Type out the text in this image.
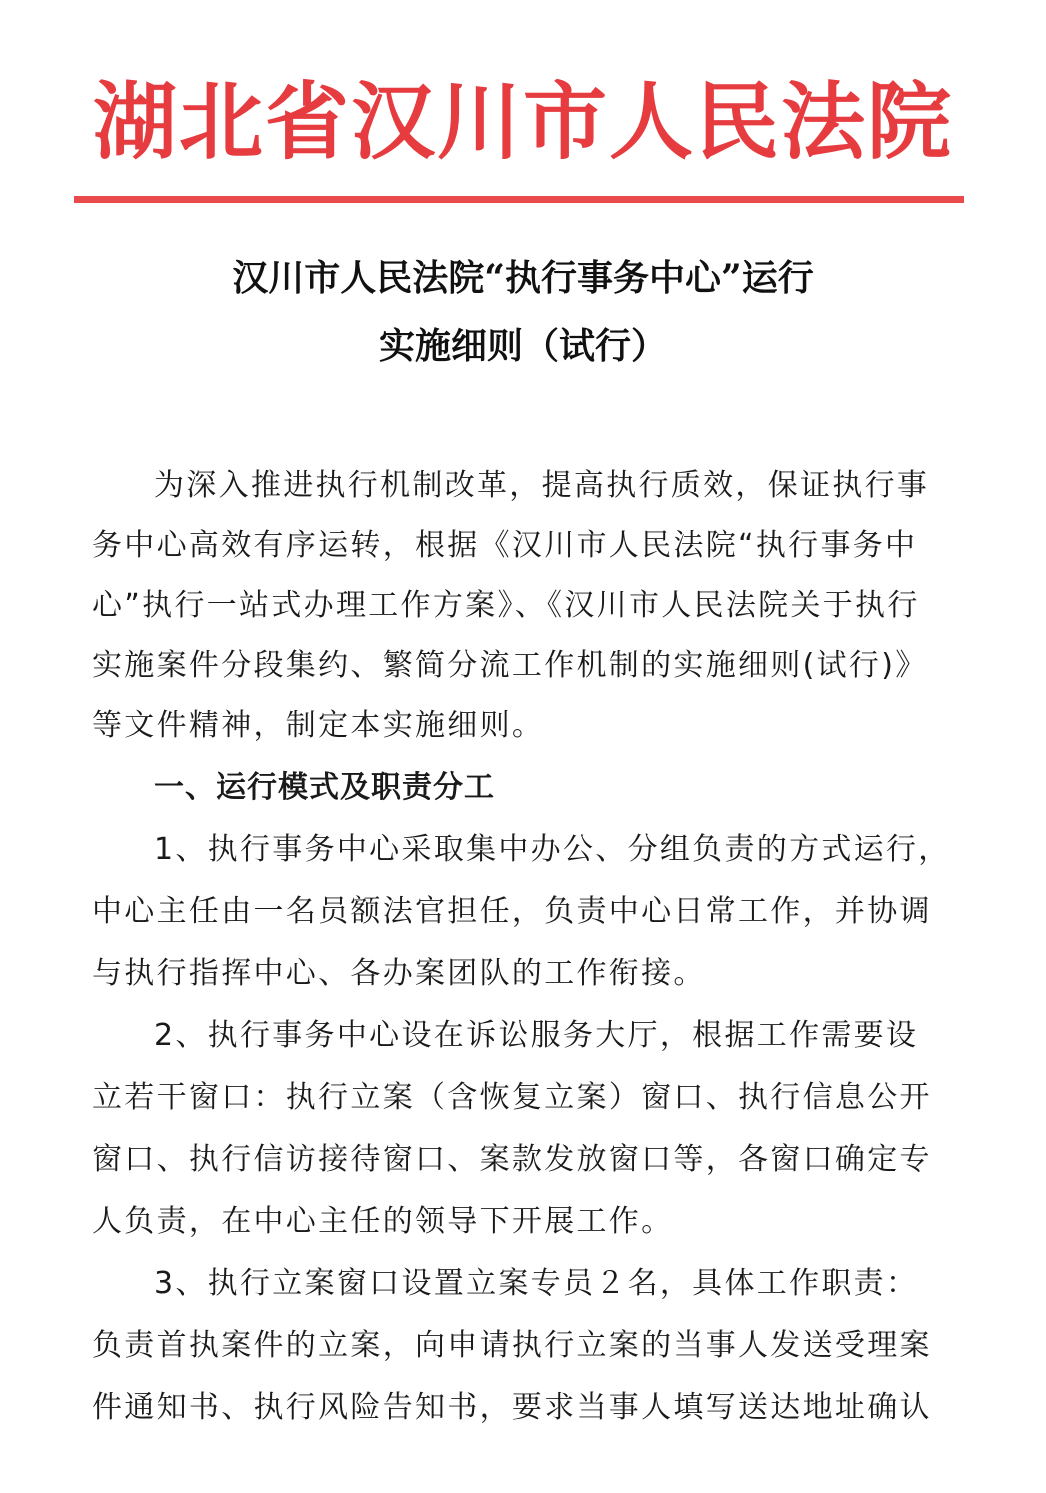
湖北省汉川市人民法院
汉川市人民法院“执行事务中心”运行
实施细则（试行）
为深入推进执行机制改革，提高执行质效，保证执行事
务中心高效有序运转，根据《汉川市人民法院“执行事务中
心”执行一站式办理工作方案》、《汉川市人民法院关于执行
实施案件分段集约、繁简分流工作机制的实施细则(试行)》
等文件精神，制定本实施细则。
一、运行模式及职责分工
1、执行事务中心采取集中办公、分组负责的方式运行，
中心主任由一名员额法官担任，负责中心日常工作，并协调
与执行指挥中心、各办案团队的工作衔接。
2、执行事务中心设在诉讼服务大厅，根据工作需要设
立若干窗口：执行立案（含恢复立案）窗口、执行信息公开
窗口、执行信访接待窗口、案款发放窗口等，各窗口确定专
人负责，在中心主任的领导下开展工作。
3、执行立案窗口设置立案专员２名，具体工作职责：
负责首执案件的立案，向申请执行立案的当事人发送受理案
件通知书、执行风险告知书，要求当事人填写送达地址确认
